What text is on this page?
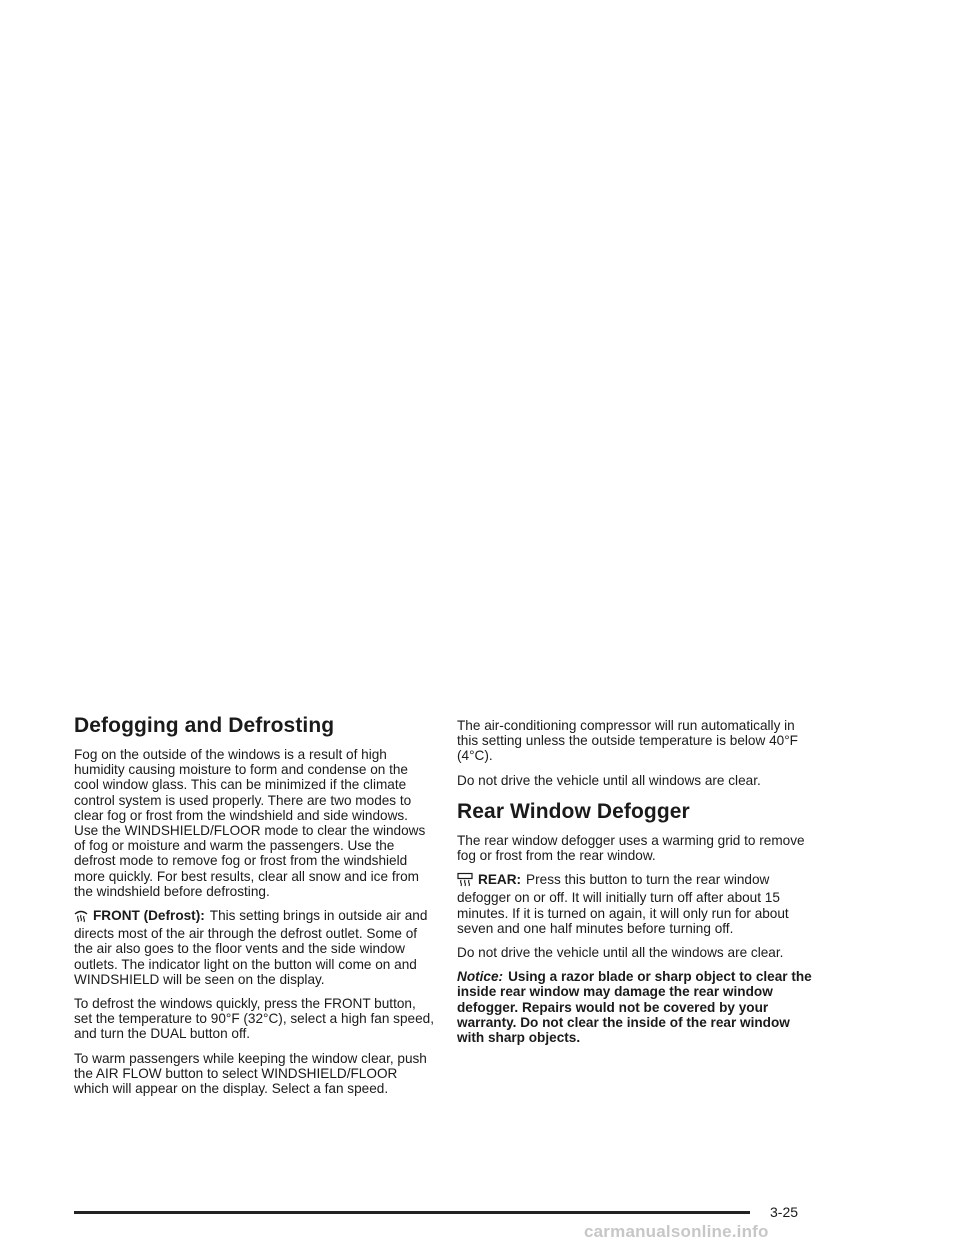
Defogging and Defrosting

Fog on the outside of the windows is a result of high humidity causing moisture to form and condense on the cool window glass. This can be minimized if the climate control system is used properly. There are two modes to clear fog or frost from the windshield and side windows. Use the WINDSHIELD/FLOOR mode to clear the windows of fog or moisture and warm the passengers. Use the defrost mode to remove fog or frost from the windshield more quickly. For best results, clear all snow and ice from the windshield before defrosting.

FRONT (Defrost): This setting brings in outside air and directs most of the air through the defrost outlet. Some of the air also goes to the floor vents and the side window outlets. The indicator light on the button will come on and WINDSHIELD will be seen on the display.

To defrost the windows quickly, press the FRONT button, set the temperature to 90°F (32°C), select a high fan speed, and turn the DUAL button off.

To warm passengers while keeping the window clear, push the AIR FLOW button to select WINDSHIELD/FLOOR which will appear on the display. Select a fan speed.

The air-conditioning compressor will run automatically in this setting unless the outside temperature is below 40°F (4°C).

Do not drive the vehicle until all windows are clear.

Rear Window Defogger

The rear window defogger uses a warming grid to remove fog or frost from the rear window.

REAR: Press this button to turn the rear window defogger on or off. It will initially turn off after about 15 minutes. If it is turned on again, it will only run for about seven and one half minutes before turning off.

Do not drive the vehicle until all the windows are clear.

Notice: Using a razor blade or sharp object to clear the inside rear window may damage the rear window defogger. Repairs would not be covered by your warranty. Do not clear the inside of the rear window with sharp objects.

3-25
carmanualsonline.info
